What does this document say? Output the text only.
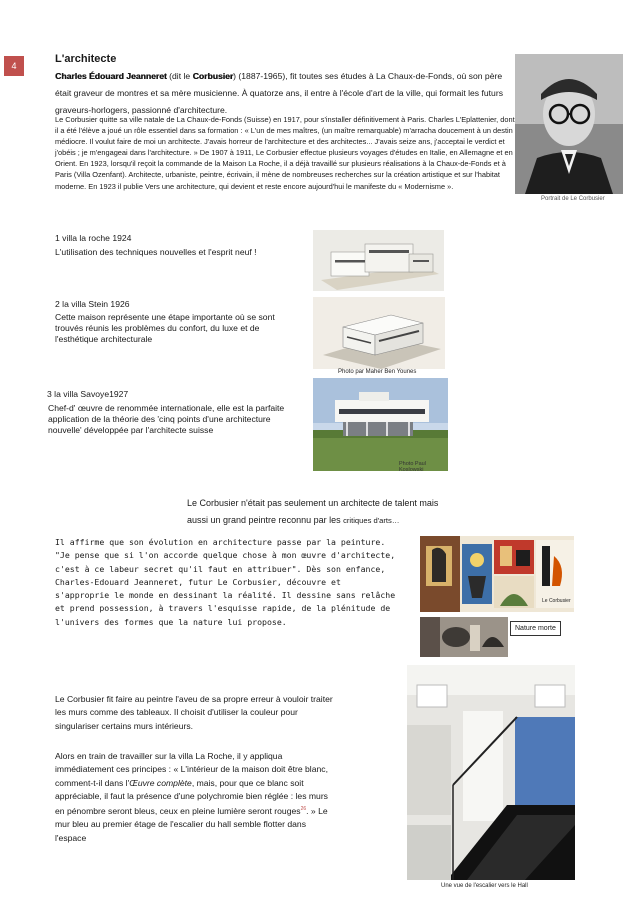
4
L'architecte
Charles Édouard Jeanneret (dit le Corbusier) (1887-1965), fit toutes ses études à La Chaux-de-Fonds, où son père était graveur de montres et sa mère musicienne. À quatorze ans, il entre à l'école d'art de la ville, qui formait les futurs graveurs-horlogers, passionné d'architecture.
Le Corbusier quitte sa ville natale de La Chaux-de-Fonds (Suisse) en 1917, pour s'installer définitivement à Paris. Charles L'Eplattenier, dont il a été l'élève a joué un rôle essentiel dans sa formation : « L'un de mes maîtres, (un maître remarquable) m'arracha doucement à un destin médiocre. Il voulut faire de moi un architecte. J'avais horreur de l'architecture et des architectes... J'avais seize ans, j'acceptai le verdict et j'obéis ; je m'engageai dans l'architecture. » De 1907 à 1911, Le Corbusier effectue plusieurs voyages d'études en Italie, en Allemagne et en Orient. En 1923, lorsqu'il reçoit la commande de la Maison La Roche, il a déjà travaillé sur plusieurs réalisations à la Chaux-de-Fonds et à Paris (Villa Ozenfant). Architecte, urbaniste, peintre, écrivain, il mène de nombreuses recherches sur la création artistique et sur l'habitat moderne. En 1923 il publie Vers une architecture, qui devient et reste encore aujourd'hui le manifeste du « Modernisme ».
Portrait de Le Corbusier
1 villa la roche 1924
L'utilisation des techniques nouvelles et l'esprit neuf !
2 la villa Stein 1926
Cette maison représente une étape importante où se sont trouvés réunis les problèmes du confort, du luxe et de l'esthétique architecturale
Photo par Maher Ben Younes
3 la villa Savoye1927
Chef-d' œuvre de renommée internationale, elle est la parfaite application de la théorie des 'cinq points d'une architecture nouvelle' développée par l'architecte suisse
Photo Paul Koslowski
Le Corbusier n'était pas seulement un architecte de talent mais
aussi un grand peintre reconnu par les critiques d'arts…
Il affirme que son évolution en architecture passe par la peinture. "Je pense que si l'on accorde quelque chose à mon œuvre d'architecte, c'est à ce labeur secret qu'il faut en attribuer". Dès son enfance, Charles-Edouard Jeanneret, futur Le Corbusier, découvre et s'approprie le monde en dessinant la réalité. Il dessine sans relâche et prend possession, à travers l'esquisse rapide, de la plénitude de l'univers des formes que la nature lui propose.
Le Corbusier
Nature morte
Le Corbusier fit faire au peintre l'aveu de sa propre erreur à vouloir traiter les murs comme des tableaux. Il choisit d'utiliser la couleur pour singulariser certains murs intérieurs.
Alors en train de travailler sur la villa La Roche, il y appliqua immédiatement ces principes : « L'intérieur de la maison doit être blanc, comment-t-il dans l'Œuvre complète, mais, pour que ce blanc soit appréciable, il faut la présence d'une polychromie bien réglée : les murs en pénombre seront bleus, ceux en pleine lumière seront rouges$^{26}$. » Le mur bleu au premier étage de l'escalier du hall semble flotter dans l'espace
Une vue de l'escalier vers le Hall
